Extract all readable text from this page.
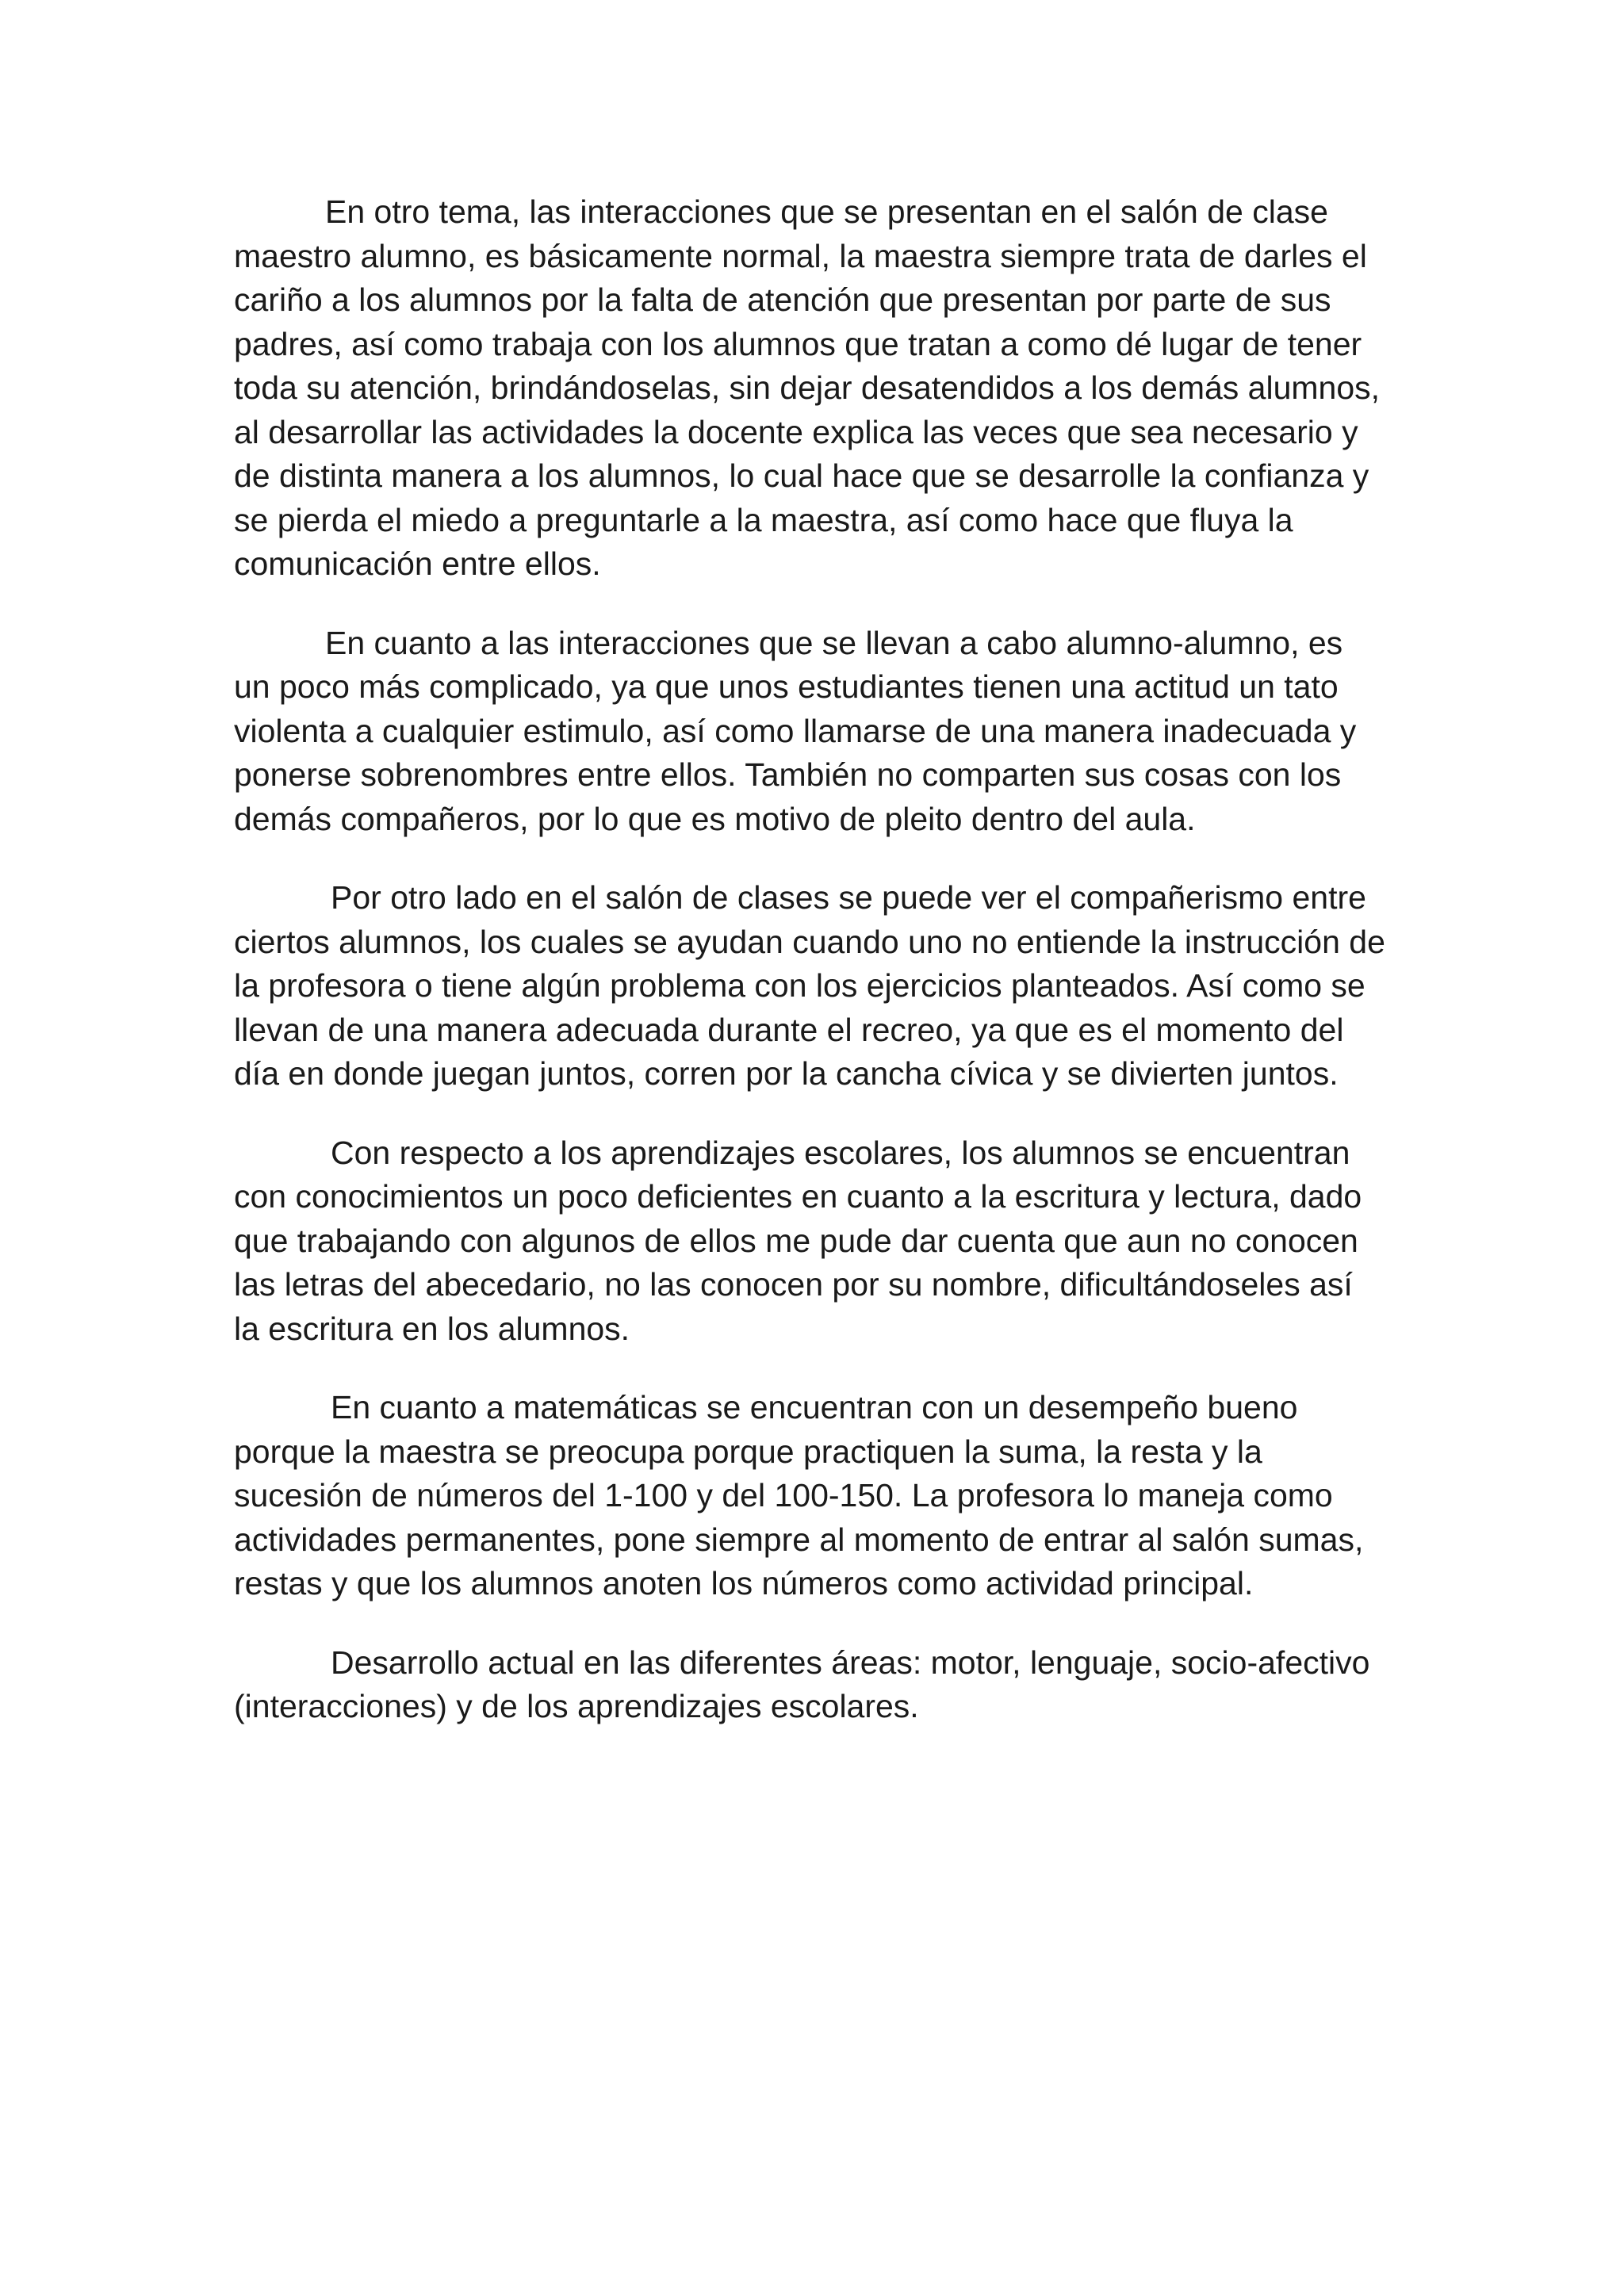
En otro tema, las interacciones que se presentan en el salón de clase
maestro alumno, es básicamente normal, la maestra siempre trata de darles el
cariño a los alumnos por la falta de atención que presentan por parte de sus
padres, así como trabaja con los alumnos que tratan a como dé lugar de tener
toda su atención, brindándoselas, sin dejar desatendidos a los demás alumnos,
al desarrollar las actividades la docente explica las veces que sea necesario y
de distinta manera a los alumnos, lo cual hace que se desarrolle la confianza y
se pierda el miedo a preguntarle a la maestra, así como hace que fluya la
comunicación entre ellos.

En cuanto a las interacciones que se llevan a cabo alumno-alumno, es
un poco más complicado, ya que unos estudiantes tienen una actitud un tato
violenta a cualquier estimulo, así como llamarse de una manera inadecuada y
ponerse sobrenombres entre ellos. También no comparten sus cosas con los
demás compañeros, por lo que es motivo de pleito dentro del aula.

Por otro lado en el salón de clases se puede ver el compañerismo entre
ciertos alumnos, los cuales se ayudan cuando uno no entiende la instrucción de
la profesora o tiene algún problema con los ejercicios planteados. Así como se
llevan de una manera adecuada durante el recreo, ya que es el momento del
día en donde juegan juntos, corren por la cancha cívica y se divierten juntos.

Con respecto a los aprendizajes escolares, los alumnos se encuentran
con conocimientos un poco deficientes en cuanto a la escritura y lectura, dado
que trabajando con algunos de ellos me pude dar cuenta que aun no conocen
las letras del abecedario, no las conocen por su nombre, dificultándoseles así
la escritura en los alumnos.

En cuanto a matemáticas se encuentran con un desempeño bueno
porque la maestra se preocupa porque practiquen la suma, la resta y la
sucesión de números del 1-100 y del 100-150. La profesora lo maneja como
actividades permanentes, pone siempre al momento de entrar al salón sumas,
restas y que los alumnos anoten los números como actividad principal.

Desarrollo actual en las diferentes áreas: motor, lenguaje, socio-afectivo
(interacciones) y de los aprendizajes escolares.
